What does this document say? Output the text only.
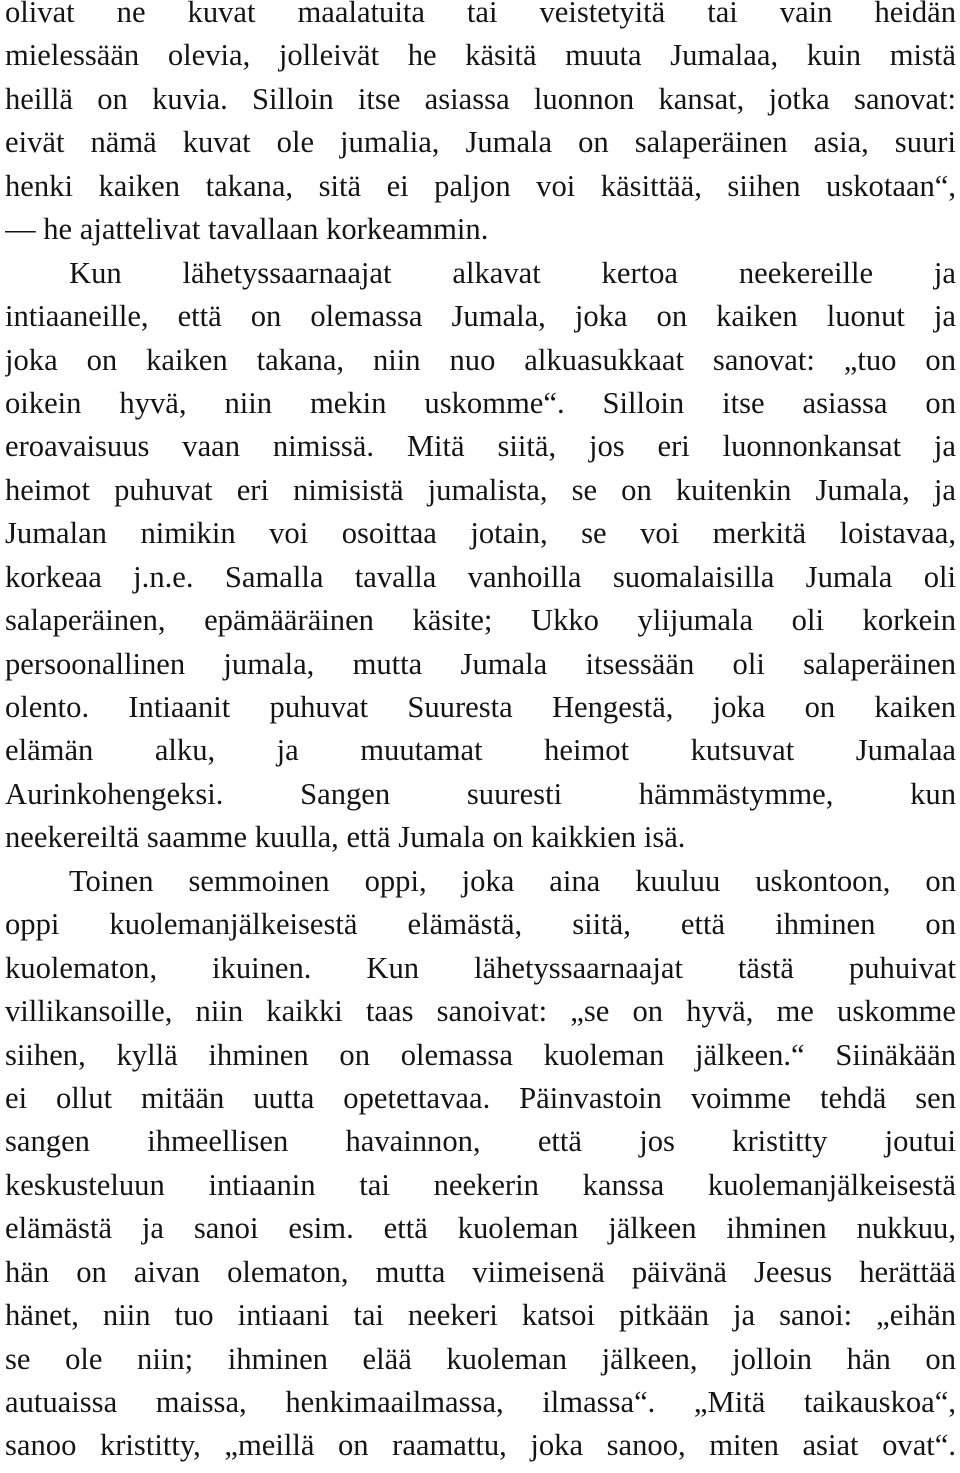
olivat ne kuvat maalatuita tai veistetyitä tai vain heidän
mielessään olevia, jolleivät he käsitä muuta Jumalaa, kuin mistä
heillä on kuvia. Silloin itse asiassa luonnon kansat, jotka sanovat:
eivät nämä kuvat ole jumalia, Jumala on salaperäinen asia, suuri
henki kaiken takana, sitä ei paljon voi käsittää, siihen uskotaan“,
— he ajattelivat tavallaan korkeammin.
Kun lähetyssaarnaajat alkavat kertoa neekereille ja
intiaaneille, että on olemassa Jumala, joka on kaiken luonut ja
joka on kaiken takana, niin nuo alkuasukkaat sanovat: „tuo on
oikein hyvä, niin mekin uskomme“. Silloin itse asiassa on
eroavaisuus vaan nimissä. Mitä siitä, jos eri luonnonkansat ja
heimot puhuvat eri nimisistä jumalista, se on kuitenkin Jumala, ja
Jumalan nimikin voi osoittaa jotain, se voi merkitä loistavaa,
korkeaa j.n.e. Samalla tavalla vanhoilla suomalaisilla Jumala oli
salaperäinen, epämääräinen käsite; Ukko ylijumala oli korkein
persoonallinen jumala, mutta Jumala itsessään oli salaperäinen
olento. Intiaanit puhuvat Suuresta Hengestä, joka on kaiken
elämän alku, ja muutamat heimot kutsuvat Jumalaa
Aurinkohengeksi. Sangen suuresti hämmästymme, kun
neekereiltä saamme kuulla, että Jumala on kaikkien isä.
Toinen semmoinen oppi, joka aina kuuluu uskontoon, on
oppi kuolemanjälkeisestä elämästä, siitä, että ihminen on
kuolematon, ikuinen. Kun lähetyssaarnaajat tästä puhuivat
villikansoille, niin kaikki taas sanoivat: „se on hyvä, me uskomme
siihen, kyllä ihminen on olemassa kuoleman jälkeen.“ Siinäkään
ei ollut mitään uutta opetettavaa. Päinvastoin voimme tehdä sen
sangen ihmeellisen havainnon, että jos kristitty joutui
keskusteluun intiaanin tai neekerin kanssa kuolemanjälkeisestä
elämästä ja sanoi esim. että kuoleman jälkeen ihminen nukkuu,
hän on aivan olematon, mutta viimeisenä päivänä Jeesus herättää
hänet, niin tuo intiaani tai neekeri katsoi pitkään ja sanoi: „eihän
se ole niin; ihminen elää kuoleman jälkeen, jolloin hän on
autuaissa maissa, henkimaailmassa, ilmassa“. „Mitä taikauskoa“,
sanoo kristitty, „meillä on raamattu, joka sanoo, miten asiat ovat“.
